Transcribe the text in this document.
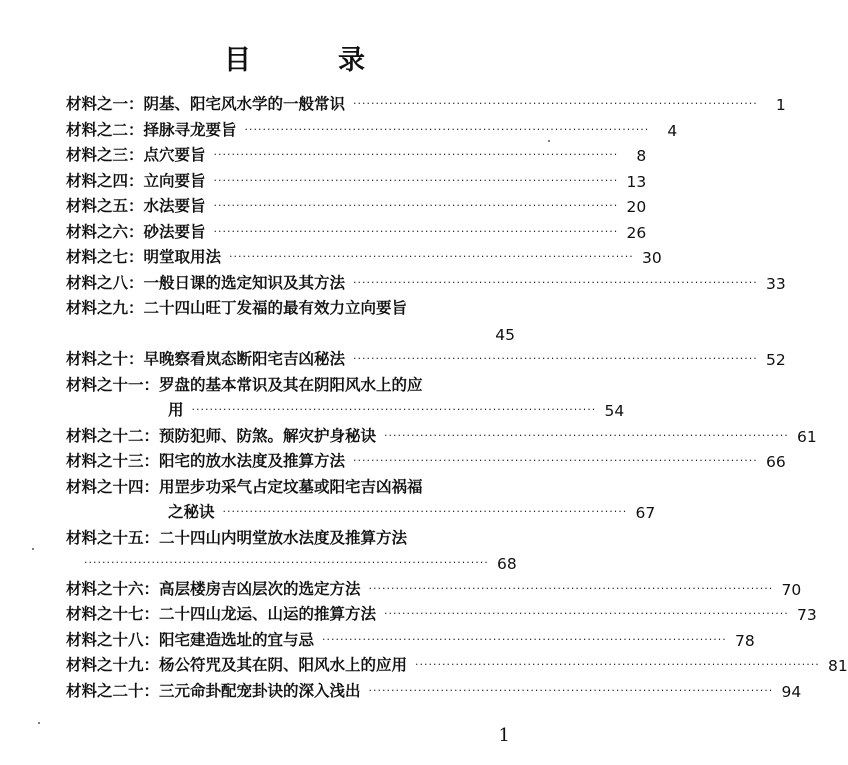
目　录
材料之一： 阴基、阳宅风水学的一般常识 ··························································································	1
材料之二： 择脉寻龙要旨 ··························································································	4
材料之三： 点穴要旨 ··························································································	8
材料之四： 立向要旨 ·························································································· 13
材料之五： 水法要旨 ·························································································· 20
材料之六： 砂法要旨 ·························································································· 26
材料之七： 明堂取用法 ·························································································· 30
材料之八： 一般日课的选定知识及其方法 ·························································································· 33
材料之九： 二十四山旺丁发福的最有效力立向要旨
45
材料之十： 早晚察看岚态断阳宅吉凶秘法 ·························································································· 52
材料之十一： 罗盘的基本常识及其在阴阳风水上的应
用 ·························································································· 54
材料之十二： 预防犯师、防煞。解灾护身秘诀 ·························································································· 61
材料之十三： 阳宅的放水法度及推算方法 ·························································································· 66
材料之十四： 用罡步功采气占定坟墓或阳宅吉凶祸福
之秘诀 ·························································································· 67
材料之十五： 二十四山内明堂放水法度及推算方法
·························································································· 68
材料之十六： 高层楼房吉凶层次的选定方法 ·························································································· 70
材料之十七： 二十四山龙运、山运的推算方法 ·························································································· 73
材料之十八： 阳宅建造选址的宜与忌 ·························································································· 78
材料之十九： 杨公符咒及其在阴、阳风水上的应用 ·························································································· 81
材料之二十： 三元命卦配宠卦诀的深入浅出 ·························································································· 94
1
